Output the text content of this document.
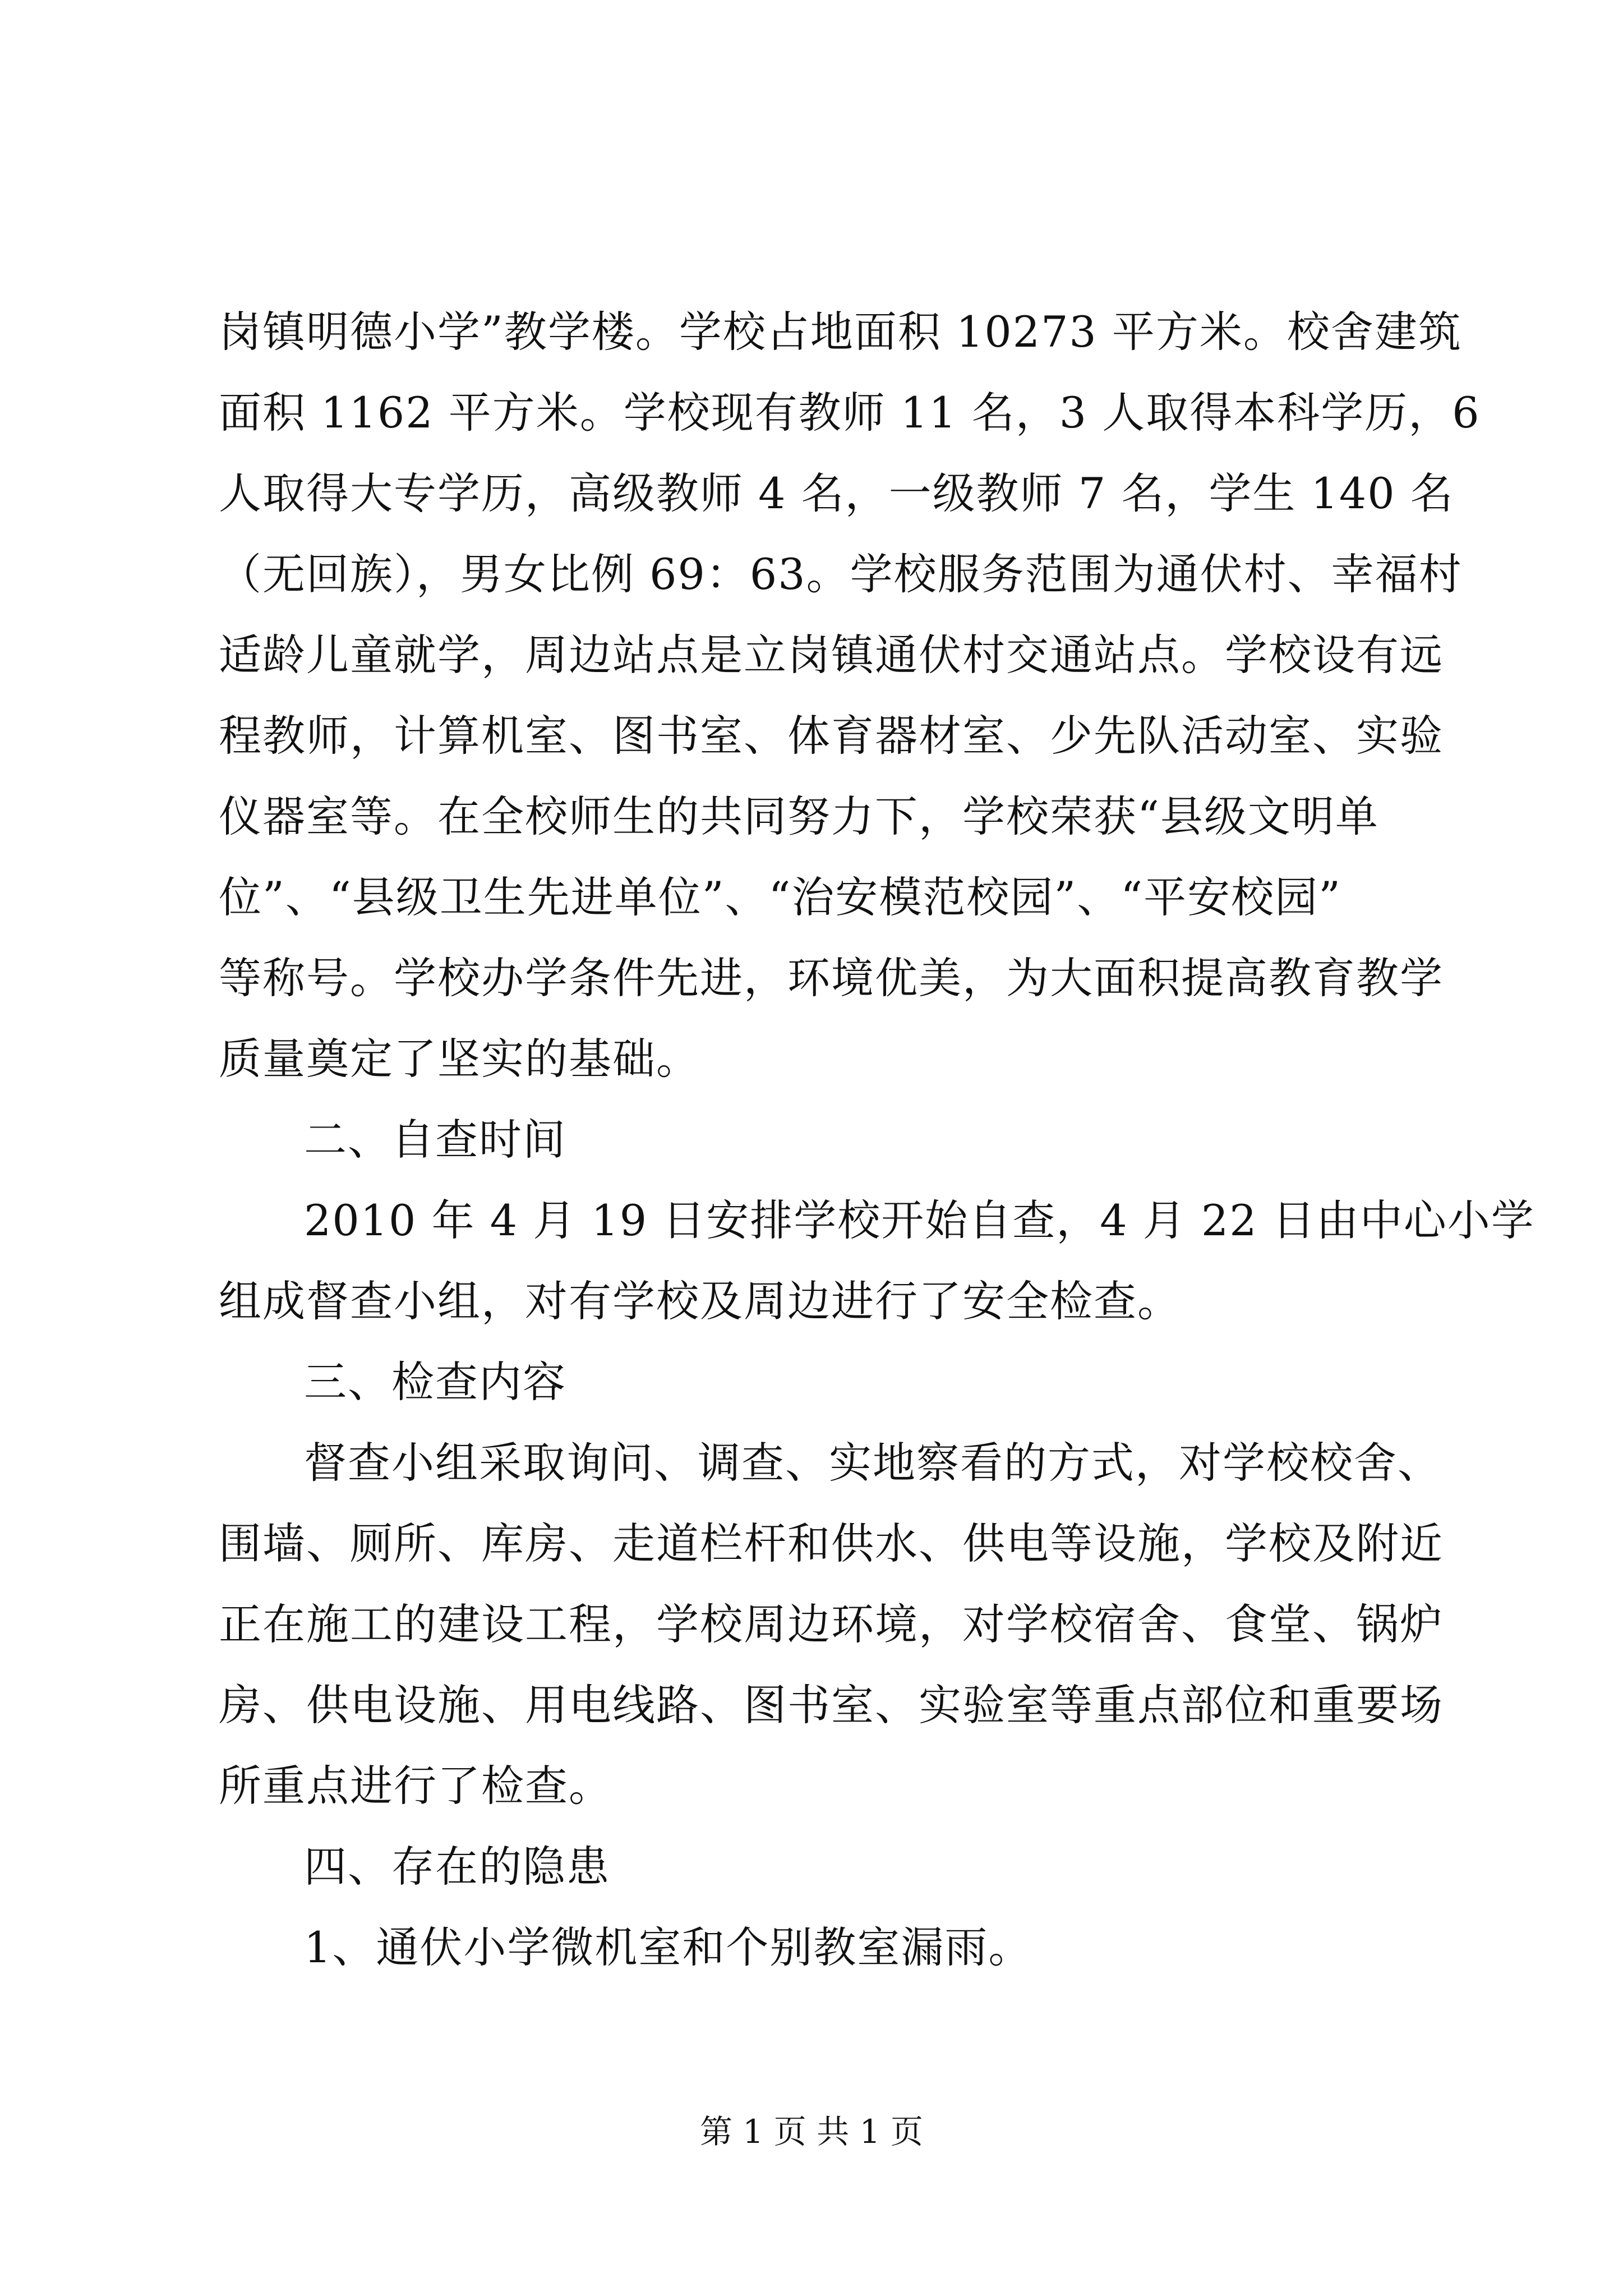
岗镇明德小学”教学楼。学校占地面积 10273 平方米。校舍建筑
面积 1162 平方米。学校现有教师 11 名，3 人取得本科学历，6
人取得大专学历，高级教师 4 名，一级教师 7 名，学生 140 名
（无回族），男女比例 69：63。学校服务范围为通伏村、幸福村
适龄儿童就学，周边站点是立岗镇通伏村交通站点。学校设有远
程教师，计算机室、图书室、体育器材室、少先队活动室、实验
仪器室等。在全校师生的共同努力下，学校荣获“县级文明单
位”、“县级卫生先进单位”、“治安模范校园”、“平安校园”
等称号。学校办学条件先进，环境优美，为大面积提高教育教学
质量奠定了坚实的基础。
二、自查时间
2010 年 4 月 19 日安排学校开始自查，4 月 22 日由中心小学
组成督查小组，对有学校及周边进行了安全检查。
三、检查内容
督查小组采取询问、调查、实地察看的方式，对学校校舍、
围墙、厕所、库房、走道栏杆和供水、供电等设施，学校及附近
正在施工的建设工程，学校周边环境，对学校宿舍、食堂、锅炉
房、供电设施、用电线路、图书室、实验室等重点部位和重要场
所重点进行了检查。
四、存在的隐患
1、通伏小学微机室和个别教室漏雨。
第 1 页 共 1 页
